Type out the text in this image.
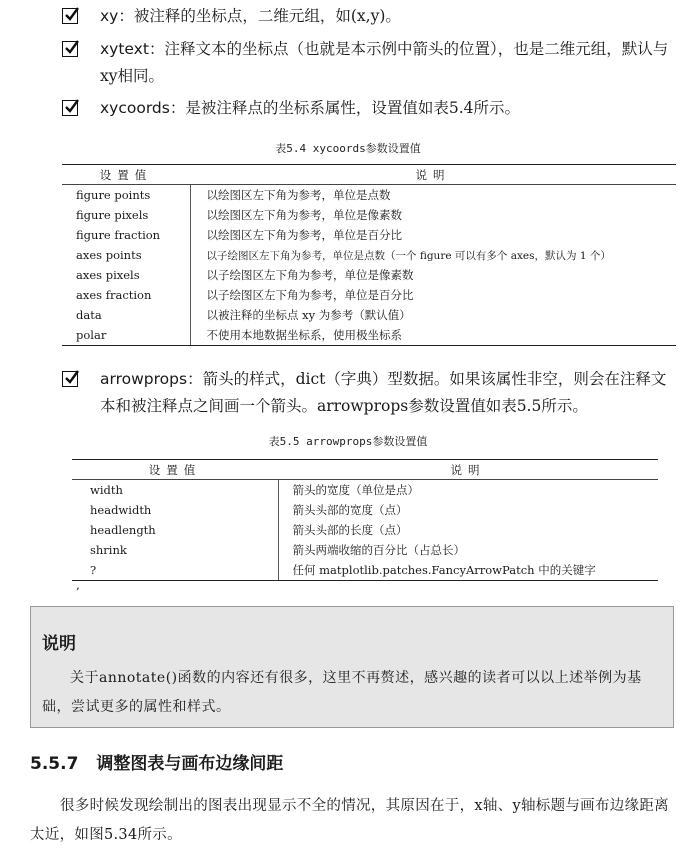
xy：被注释的坐标点，二维元组，如(x,y)。
xytext：注释文本的坐标点（也就是本示例中箭头的位置），也是二维元组，默认与xy相同。
xycoords：是被注释点的坐标系属性，设置值如表5.4所示。
表5.4 xycoords参数设置值
设置值	说明
figure points	以绘图区左下角为参考，单位是点数
figure pixels	以绘图区左下角为参考，单位是像素数
figure fraction	以绘图区左下角为参考，单位是百分比
axes points	以子绘图区左下角为参考，单位是点数（一个 figure 可以有多个 axes，默认为 1 个）
axes pixels	以子绘图区左下角为参考，单位是像素数
axes fraction	以子绘图区左下角为参考，单位是百分比
data	以被注释的坐标点 xy 为参考（默认值）
polar	不使用本地数据坐标系，使用极坐标系
arrowprops：箭头的样式，dict（字典）型数据。如果该属性非空，则会在注释文本和被注释点之间画一个箭头。arrowprops参数设置值如表5.5所示。
表5.5 arrowprops参数设置值
设置值	说明
width	箭头的宽度（单位是点）
headwidth	箭头头部的宽度（点）
headlength	箭头头部的长度（点）
shrink	箭头两端收缩的百分比（占总长）
?	任何 matplotlib.patches.FancyArrowPatch 中的关键字
,
说明
关于annotate()函数的内容还有很多，这里不再赘述，感兴趣的读者可以以上述举例为基础，尝试更多的属性和样式。
5.5.7 调整图表与画布边缘间距
很多时候发现绘制出的图表出现显示不全的情况，其原因在于，x轴、y轴标题与画布边缘距离太近，如图5.34所示。
